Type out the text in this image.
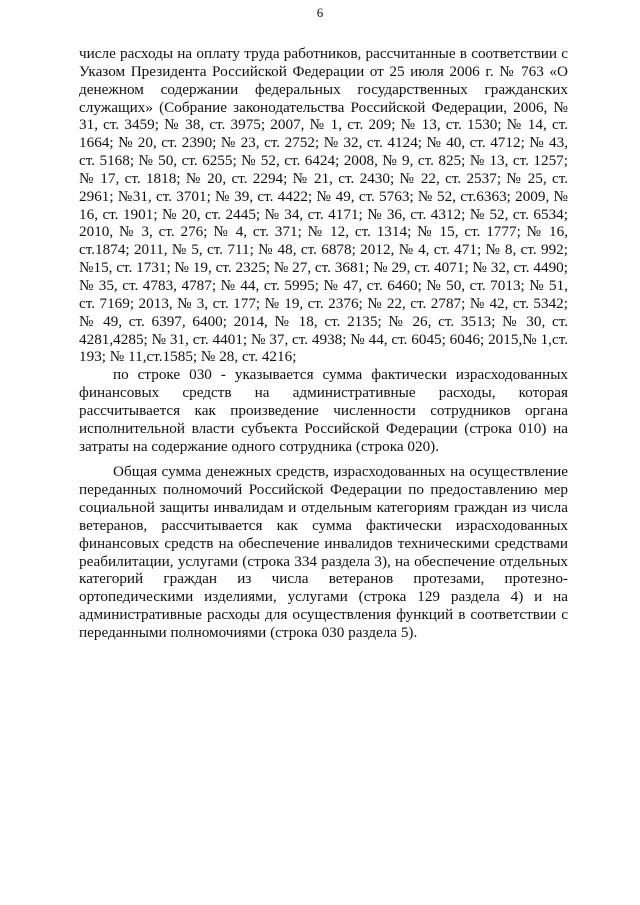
6

числе расходы на оплату труда работников, рассчитанные в соответствии с Указом Президента Российской Федерации от 25 июля 2006 г. № 763 «О денежном содержании федеральных государственных гражданских служащих» (Собрание законодательства Российской Федерации, 2006, № 31, ст. 3459; № 38, ст. 3975; 2007, № 1, ст. 209; № 13, ст. 1530; № 14, ст. 1664; № 20, ст. 2390; № 23, ст. 2752; № 32, ст. 4124; № 40, ст. 4712; № 43, ст. 5168; № 50, ст. 6255; № 52, ст. 6424; 2008, № 9, ст. 825; № 13, ст. 1257; № 17, ст. 1818; № 20, ст. 2294; № 21, ст. 2430; № 22, ст. 2537; № 25, ст. 2961; №31, ст. 3701; № 39, ст. 4422; № 49, ст. 5763; № 52, ст.6363; 2009, № 16, ст. 1901; № 20, ст. 2445; № 34, ст. 4171; № 36, ст. 4312; № 52, ст. 6534; 2010, № 3, ст. 276; № 4, ст. 371; № 12, ст. 1314; № 15, ст. 1777; № 16, ст.1874; 2011, № 5, ст. 711; № 48, ст. 6878; 2012, № 4, ст. 471; № 8, ст. 992; №15, ст. 1731; № 19, ст. 2325; № 27, ст. 3681; № 29, ст. 4071; № 32, ст. 4490; № 35, ст. 4783, 4787; № 44, ст. 5995; № 47, ст. 6460; № 50, ст. 7013; № 51, ст. 7169; 2013, № 3, ст. 177; № 19, ст. 2376; № 22, ст. 2787; № 42, ст. 5342; № 49, ст. 6397, 6400; 2014, № 18, ст. 2135; № 26, ст. 3513; № 30, ст. 4281,4285; № 31, ст. 4401; № 37, ст. 4938; № 44, ст. 6045; 6046; 2015,№ 1,ст. 193; № 11,ст.1585; № 28, ст. 4216;

по строке 030 - указывается сумма фактически израсходованных финансовых средств на административные расходы, которая рассчитывается как произведение численности сотрудников органа исполнительной власти субъекта Российской Федерации (строка 010) на затраты на содержание одного сотрудника (строка 020).

Общая сумма денежных средств, израсходованных на осуществление переданных полномочий Российской Федерации по предоставлению мер социальной защиты инвалидам и отдельным категориям граждан из числа ветеранов, рассчитывается как сумма фактически израсходованных финансовых средств на обеспечение инвалидов техническими средствами реабилитации, услугами (строка 334 раздела 3), на обеспечение отдельных категорий граждан из числа ветеранов протезами, протезно-ортопедическими изделиями, услугами (строка 129 раздела 4) и на административные расходы для осуществления функций в соответствии с переданными полномочиями (строка 030 раздела 5).
